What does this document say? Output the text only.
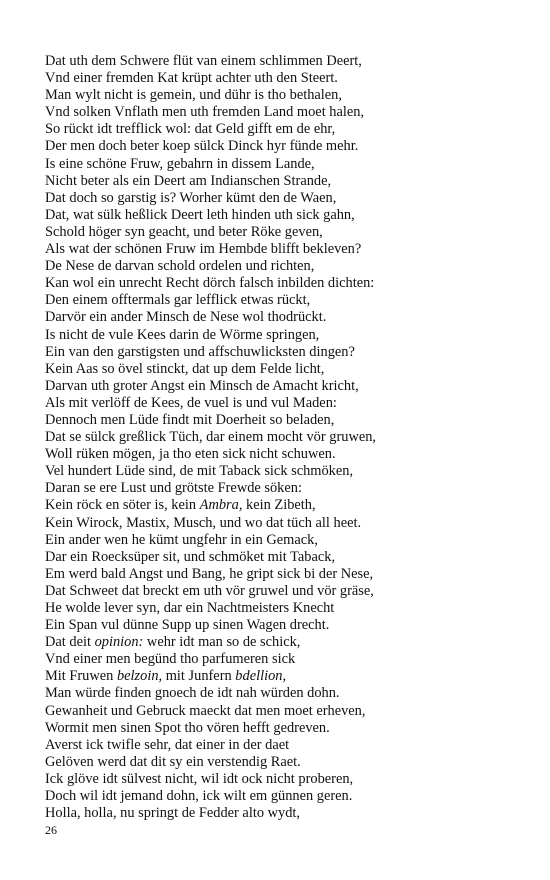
Dat uth dem Schwere flüt van einem schlimmen Deert,
Vnd einer fremden Kat krüpt achter uth den Steert.
Man wylt nicht is gemein, und dühr is tho bethalen,
Vnd solken Vnflath men uth fremden Land moet halen,
So rückt idt trefflick wol: dat Geld gifft em de ehr,
Der men doch beter koep sülck Dinck hyr fünde mehr.
Is eine schöne Fruw, gebahrn in dissem Lande,
Nicht beter als ein Deert am Indianschen Strande,
Dat doch so garstig is? Worher kümt den de Waen,
Dat, wat sülk heßlick Deert leth hinden uth sick gahn,
Schold höger syn geacht, und beter Röke geven,
Als wat der schönen Fruw im Hembde blifft bekleven?
De Nese de darvan schold ordelen und richten,
Kan wol ein unrecht Recht dörch falsch inbilden dichten:
Den einem offtermals gar lefflick etwas rückt,
Darvör ein ander Minsch de Nese wol thodrückt.
Is nicht de vule Kees darin de Wörme springen,
Ein van den garstigsten und affschuwlicksten dingen?
Kein Aas so övel stinckt, dat up dem Felde licht,
Darvan uth groter Angst ein Minsch de Amacht kricht,
Als mit verlöff de Kees, de vuel is und vul Maden:
Dennoch men Lüde findt mit Doerheit so beladen,
Dat se sülck greßlick Tüch, dar einem mocht vör gruwen,
Woll rüken mögen, ja tho eten sick nicht schuwen.
Vel hundert Lüde sind, de mit Taback sick schmöken,
Daran se ere Lust und grötste Frewde söken:
Kein röck en söter is, kein Ambra, kein Zibeth,
Kein Wirock, Mastix, Musch, und wo dat tüch all heet.
Ein ander wen he kümt ungfehr in ein Gemack,
Dar ein Roecksüper sit, und schmöket mit Taback,
Em werd bald Angst und Bang, he gript sick bi der Nese,
Dat Schweet dat breckt em uth vör gruwel und vör gräse,
He wolde lever syn, dar ein Nachtmeisters Knecht
Ein Span vul dünne Supp up sinen Wagen drecht.
Dat deit opinion: wehr idt man so de schick,
Vnd einer men begünd tho parfumeren sick
Mit Fruwen belzoin, mit Junfern bdellion,
Man würde finden gnoech de idt nah würden dohn.
Gewanheit und Gebruck maeckt dat men moet erheven,
Wormit men sinen Spot tho vören hefft gedreven.
Averst ick twifle sehr, dat einer in der daet
Gelöven werd dat dit sy ein verstendig Raet.
Ick glöve idt sülvest nicht, wil idt ock nicht proberen,
Doch wil idt jemand dohn, ick wilt em günnen geren.
Holla, holla, nu springt de Fedder alto wydt,
26
